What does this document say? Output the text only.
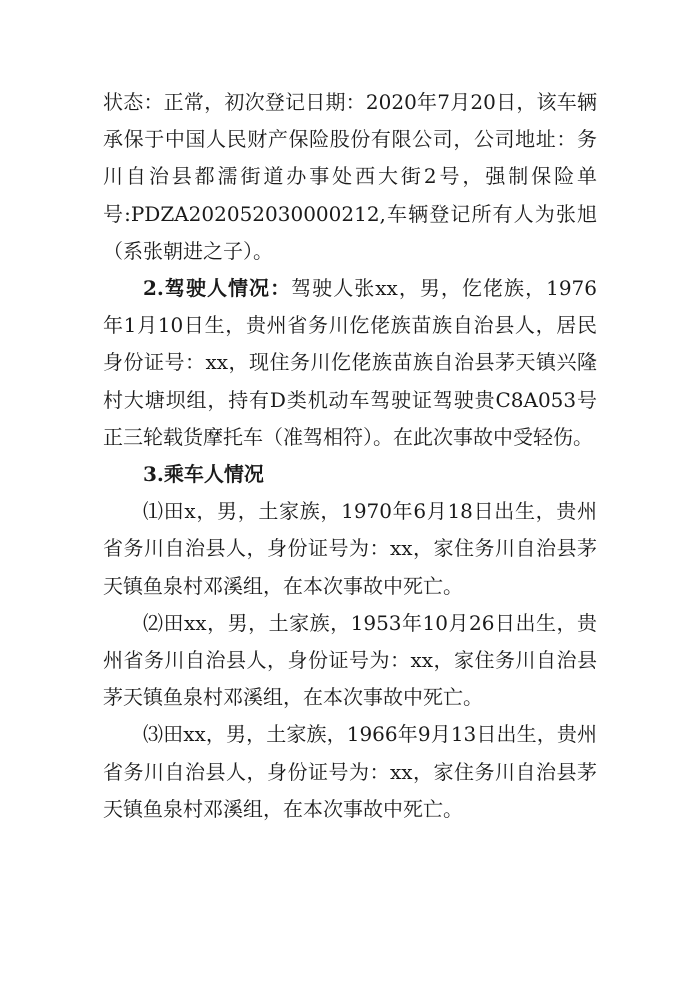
状态：正常，初次登记日期：2020年7月20日，该车辆承保于中国人民财产保险股份有限公司，公司地址：务川自治县都濡街道办事处西大街2号，强制保险单号:PDZA202052030000212,车辆登记所有人为张旭（系张朝进之子）。

2.驾驶人情况：驾驶人张xx，男，仡佬族，1976年1月10日生，贵州省务川仡佬族苗族自治县人，居民身份证号：xx，现住务川仡佬族苗族自治县茅天镇兴隆村大塘坝组，持有D类机动车驾驶证驾驶贵C8A053号正三轮载货摩托车（准驾相符）。在此次事故中受轻伤。

3.乘车人情况

⑴田x，男，土家族，1970年6月18日出生，贵州省务川自治县人，身份证号为：xx，家住务川自治县茅天镇鱼泉村邓溪组，在本次事故中死亡。

⑵田xx，男，土家族，1953年10月26日出生，贵州省务川自治县人，身份证号为：xx，家住务川自治县茅天镇鱼泉村邓溪组，在本次事故中死亡。

⑶田xx，男，土家族，1966年9月13日出生，贵州省务川自治县人，身份证号为：xx，家住务川自治县茅天镇鱼泉村邓溪组，在本次事故中死亡。
